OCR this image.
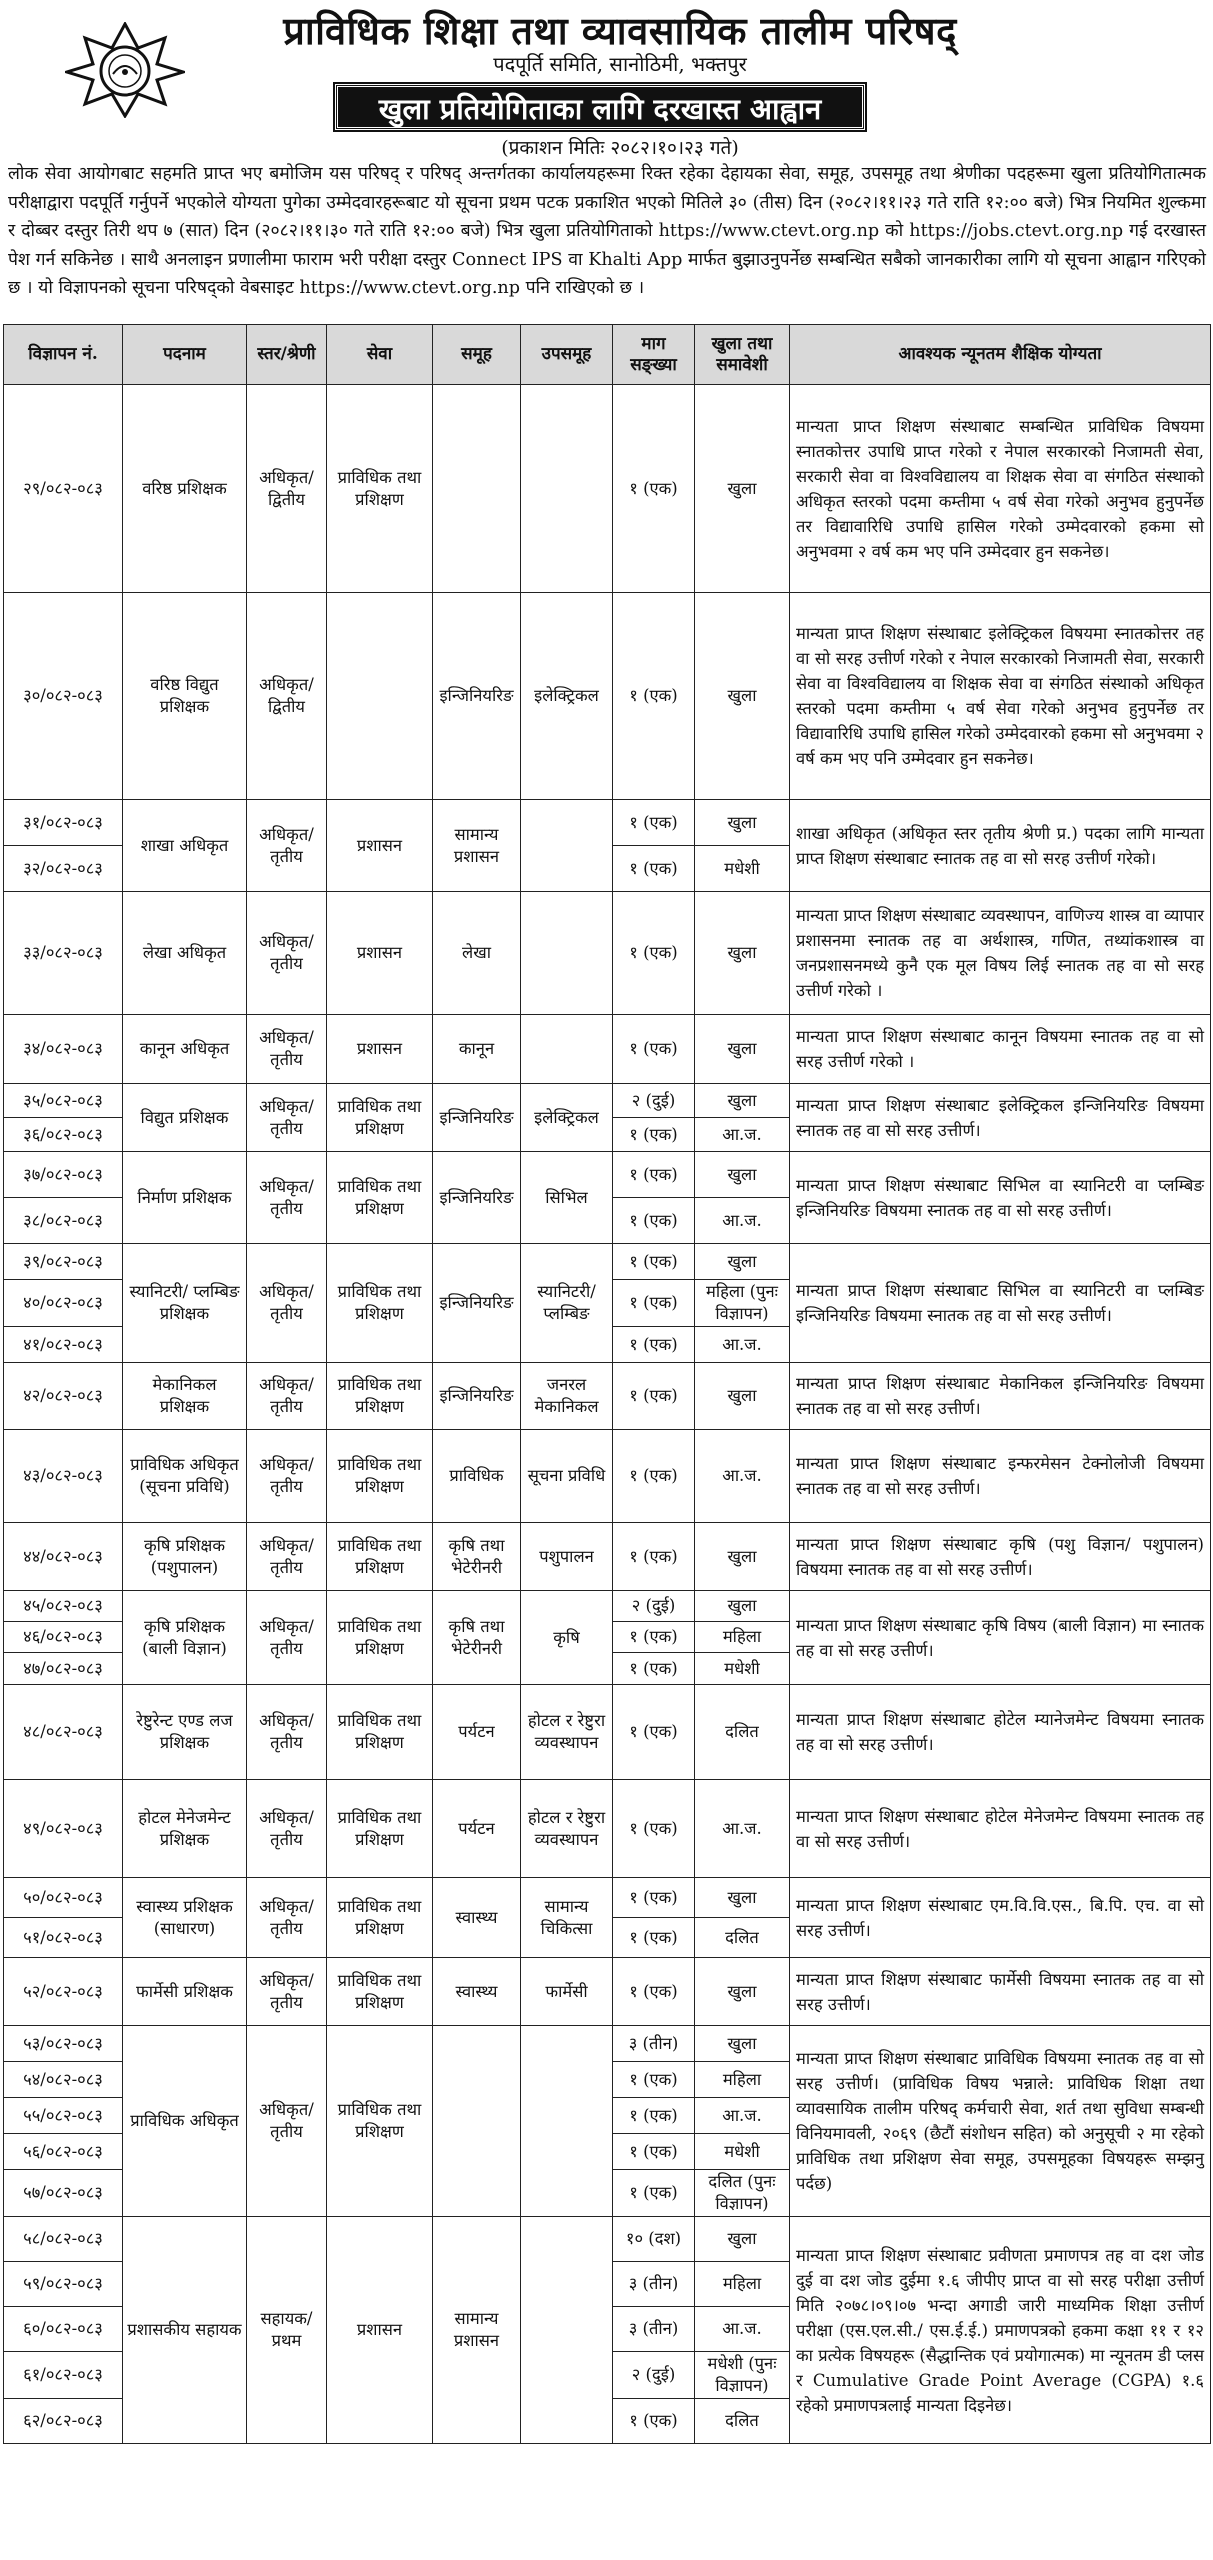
प्राविधिक शिक्षा तथा व्यावसायिक तालीम परिषद्
पदपूर्ति समिति, सानोठिमी, भक्तपुर
खुला प्रतियोगिताका लागि दरखास्त आह्वान
(प्रकाशन मितिः २०८२।१०।२३ गते)
लोक सेवा आयोगबाट सहमति प्राप्त भए बमोजिम यस परिषद् र परिषद् अन्तर्गतका कार्यालयहरूमा रिक्त रहेका देहायका सेवा, समूह, उपसमूह तथा श्रेणीका पदहरूमा खुला प्रतियोगितात्मक परीक्षाद्वारा पदपूर्ति गर्नुपर्ने भएकोले योग्यता पुगेका उम्मेदवारहरूबाट यो सूचना प्रथम पटक प्रकाशित भएको मितिले ३० (तीस) दिन (२०८२।११।२३ गते राति १२:०० बजे) भित्र नियमित शुल्कमा र दोब्बर दस्तुर तिरी थप ७ (सात) दिन (२०८२।११।३० गते राति १२:०० बजे) भित्र खुला प्रतियोगिताको https://www.ctevt.org.np को https://jobs.ctevt.org.np गई दरखास्त पेश गर्न सकिनेछ । साथै अनलाइन प्रणालीमा फाराम भरी परीक्षा दस्तुर Connect IPS वा Khalti App मार्फत बुझाउनुपर्नेछ सम्बन्धित सबैको जानकारीका लागि यो सूचना आह्वान गरिएको छ । यो विज्ञापनको सूचना परिषद्को वेबसाइट https://www.ctevt.org.np पनि राखिएको छ ।
विज्ञापन नं.	पदनाम	स्तर/श्रेणी	सेवा	समूह	उपसमूह	माग सङ्ख्या	खुला तथा समावेशी	आवश्यक न्यूनतम शैक्षिक योग्यता
२९/०८२-०८३	वरिष्ठ प्रशिक्षक	अधिकृत/ द्वितीय	प्राविधिक तथा प्रशिक्षण			१ (एक)	खुला	मान्यता प्राप्त शिक्षण संस्थाबाट सम्बन्धित प्राविधिक विषयमा स्नातकोत्तर उपाधि प्राप्त गरेको र नेपाल सरकारको निजामती सेवा, सरकारी सेवा वा विश्वविद्यालय वा शिक्षक सेवा वा संगठित संस्थाको अधिकृत स्तरको पदमा कम्तीमा ५ वर्ष सेवा गरेको अनुभव हुनुपर्नेछ तर विद्यावारिधि उपाधि हासिल गरेको उम्मेदवारको हकमा सो अनुभवमा २ वर्ष कम भए पनि उम्मेदवार हुन सकनेछ।
३०/०८२-०८३	वरिष्ठ विद्युत प्रशिक्षक	अधिकृत/ द्वितीय		इन्जिनियरिङ	इलेक्ट्रिकल	१ (एक)	खुला	मान्यता प्राप्त शिक्षण संस्थाबाट इलेक्ट्रिकल विषयमा स्नातकोत्तर तह वा सो सरह उत्तीर्ण गरेको र नेपाल सरकारको निजामती सेवा, सरकारी सेवा वा विश्वविद्यालय वा शिक्षक सेवा वा संगठित संस्थाको अधिकृत स्तरको पदमा कम्तीमा ५ वर्ष सेवा गरेको अनुभव हुनुपर्नेछ तर विद्यावारिधि उपाधि हासिल गरेको उम्मेदवारको हकमा सो अनुभवमा २ वर्ष कम भए पनि उम्मेदवार हुन सकनेछ।
३१/०८२-०८३	शाखा अधिकृत	अधिकृत/ तृतीय	प्रशासन	सामान्य प्रशासन		१ (एक)	खुला	शाखा अधिकृत (अधिकृत स्तर तृतीय श्रेणी प्र.) पदका लागि मान्यता प्राप्त शिक्षण संस्थाबाट स्नातक तह वा सो सरह उत्तीर्ण गरेको।
३२/०८२-०८३						१ (एक)	मधेशी	
३३/०८२-०८३	लेखा अधिकृत	अधिकृत/ तृतीय	प्रशासन	लेखा		१ (एक)	खुला	मान्यता प्राप्त शिक्षण संस्थाबाट व्यवस्थापन, वाणिज्य शास्त्र वा व्यापार प्रशासनमा स्नातक तह वा अर्थशास्त्र, गणित, तथ्यांकशास्त्र वा जनप्रशासनमध्ये कुनै एक मूल विषय लिई स्नातक तह वा सो सरह उत्तीर्ण गरेको ।
३४/०८२-०८३	कानून अधिकृत	अधिकृत/ तृतीय	प्रशासन	कानून		१ (एक)	खुला	मान्यता प्राप्त शिक्षण संस्थाबाट कानून विषयमा स्नातक तह वा सो सरह उत्तीर्ण गरेको ।
३५/०८२-०८३	विद्युत प्रशिक्षक	अधिकृत/ तृतीय	प्राविधिक तथा प्रशिक्षण	इन्जिनियरिङ	इलेक्ट्रिकल	२ (दुई)	खुला	मान्यता प्राप्त शिक्षण संस्थाबाट इलेक्ट्रिकल इन्जिनियरिङ विषयमा स्नातक तह वा सो सरह उत्तीर्ण।
३६/०८२-०८३						१ (एक)	आ.ज.	
३७/०८२-०८३	निर्माण प्रशिक्षक	अधिकृत/ तृतीय	प्राविधिक तथा प्रशिक्षण	इन्जिनियरिङ	सिभिल	१ (एक)	खुला	मान्यता प्राप्त शिक्षण संस्थाबाट सिभिल वा स्यानिटरी वा प्लम्बिङ इन्जिनियरिङ विषयमा स्नातक तह वा सो सरह उत्तीर्ण।
३८/०८२-०८३						१ (एक)	आ.ज.	
३९/०८२-०८३	स्यानिटरी/ प्लम्बिङ प्रशिक्षक	अधिकृत/ तृतीय	प्राविधिक तथा प्रशिक्षण	इन्जिनियरिङ	स्यानिटरी/ प्लम्बिङ	१ (एक)	खुला	मान्यता प्राप्त शिक्षण संस्थाबाट सिभिल वा स्यानिटरी वा प्लम्बिङ इन्जिनियरिङ विषयमा स्नातक तह वा सो सरह उत्तीर्ण।
४०/०८२-०८३						१ (एक)	महिला (पुनः विज्ञापन)	
४१/०८२-०८३						१ (एक)	आ.ज.	
४२/०८२-०८३	मेकानिकल प्रशिक्षक	अधिकृत/ तृतीय	प्राविधिक तथा प्रशिक्षण	इन्जिनियरिङ	जनरल मेकानिकल	१ (एक)	खुला	मान्यता प्राप्त शिक्षण संस्थाबाट मेकानिकल इन्जिनियरिङ विषयमा स्नातक तह वा सो सरह उत्तीर्ण।
४३/०८२-०८३	प्राविधिक अधिकृत (सूचना प्रविधि)	अधिकृत/ तृतीय	प्राविधिक तथा प्रशिक्षण	प्राविधिक	सूचना प्रविधि	१ (एक)	आ.ज.	मान्यता प्राप्त शिक्षण संस्थाबाट इन्फरमेसन टेक्नोलोजी विषयमा स्नातक तह वा सो सरह उत्तीर्ण।
४४/०८२-०८३	कृषि प्रशिक्षक (पशुपालन)	अधिकृत/ तृतीय	प्राविधिक तथा प्रशिक्षण	कृषि तथा भेटेरीनरी	पशुपालन	१ (एक)	खुला	मान्यता प्राप्त शिक्षण संस्थाबाट कृषि (पशु विज्ञान/ पशुपालन) विषयमा स्नातक तह वा सो सरह उत्तीर्ण।
४५/०८२-०८३	कृषि प्रशिक्षक (बाली विज्ञान)	अधिकृत/ तृतीय	प्राविधिक तथा प्रशिक्षण	कृषि तथा भेटेरीनरी	कृषि	२ (दुई)	खुला	मान्यता प्राप्त शिक्षण संस्थाबाट कृषि विषय (बाली विज्ञान) मा स्नातक तह वा सो सरह उत्तीर्ण।
४६/०८२-०८३						१ (एक)	महिला	
४७/०८२-०८३						१ (एक)	मधेशी	
४८/०८२-०८३	रेष्टुरेन्ट एण्ड लज प्रशिक्षक	अधिकृत/ तृतीय	प्राविधिक तथा प्रशिक्षण	पर्यटन	होटल र रेष्टुरा व्यवस्थापन	१ (एक)	दलित	मान्यता प्राप्त शिक्षण संस्थाबाट होटेल म्यानेजमेन्ट विषयमा स्नातक तह वा सो सरह उत्तीर्ण।
४९/०८२-०८३	होटल मेनेजमेन्ट प्रशिक्षक	अधिकृत/ तृतीय	प्राविधिक तथा प्रशिक्षण	पर्यटन	होटल र रेष्टुरा व्यवस्थापन	१ (एक)	आ.ज.	मान्यता प्राप्त शिक्षण संस्थाबाट होटेल मेनेजमेन्ट विषयमा स्नातक तह वा सो सरह उत्तीर्ण।
५०/०८२-०८३	स्वास्थ्य प्रशिक्षक (साधारण)	अधिकृत/ तृतीय	प्राविधिक तथा प्रशिक्षण	स्वास्थ्य	सामान्य चिकित्सा	१ (एक)	खुला	मान्यता प्राप्त शिक्षण संस्थाबाट एम.वि.वि.एस., बि.पि. एच. वा सो सरह उत्तीर्ण।
५१/०८२-०८३						१ (एक)	दलित	
५२/०८२-०८३	फार्मेसी प्रशिक्षक	अधिकृत/ तृतीय	प्राविधिक तथा प्रशिक्षण	स्वास्थ्य	फार्मेसी	१ (एक)	खुला	मान्यता प्राप्त शिक्षण संस्थाबाट फार्मेसी विषयमा स्नातक तह वा सो सरह उत्तीर्ण।
५३/०८२-०८३	प्राविधिक अधिकृत	अधिकृत/ तृतीय	प्राविधिक तथा प्रशिक्षण			३ (तीन)	खुला	मान्यता प्राप्त शिक्षण संस्थाबाट प्राविधिक विषयमा स्नातक तह वा सो सरह उत्तीर्ण। (प्राविधिक विषय भन्नाले: प्राविधिक शिक्षा तथा व्यावसायिक तालीम परिषद् कर्मचारी सेवा, शर्त तथा सुविधा सम्बन्धी विनियमावली, २०६९ (छैटौं संशोधन सहित) को अनुसूची २ मा रहेको प्राविधिक तथा प्रशिक्षण सेवा समूह, उपसमूहका विषयहरू सम्झनु पर्दछ)
५४/०८२-०८३						१ (एक)	महिला	
५५/०८२-०८३						१ (एक)	आ.ज.	
५६/०८२-०८३						१ (एक)	मधेशी	
५७/०८२-०८३						१ (एक)	दलित (पुनः विज्ञापन)	
५८/०८२-०८३	प्रशासकीय सहायक	सहायक/ प्रथम	प्रशासन	सामान्य प्रशासन		१० (दश)	खुला	मान्यता प्राप्त शिक्षण संस्थाबाट प्रवीणता प्रमाणपत्र तह वा दश जोड दुई वा दश जोड दुईमा १.६ जीपीए प्राप्त वा सो सरह परीक्षा उत्तीर्ण मिति २०७८।०९।०७ भन्दा अगाडी जारी माध्यमिक शिक्षा उत्तीर्ण परीक्षा (एस.एल.सी./ एस.ई.ई.) प्रमाणपत्रको हकमा कक्षा ११ र १२ का प्रत्येक विषयहरू (सैद्धान्तिक एवं प्रयोगात्मक) मा न्यूनतम डी प्लस र Cumulative Grade Point Average (CGPA) १.६ रहेको प्रमाणपत्रलाई मान्यता दिइनेछ।
५९/०८२-०८३						३ (तीन)	महिला	
६०/०८२-०८३						३ (तीन)	आ.ज.	
६१/०८२-०८३						२ (दुई)	मधेशी (पुनः विज्ञापन)	
६२/०८२-०८३						१ (एक)	दलित	
